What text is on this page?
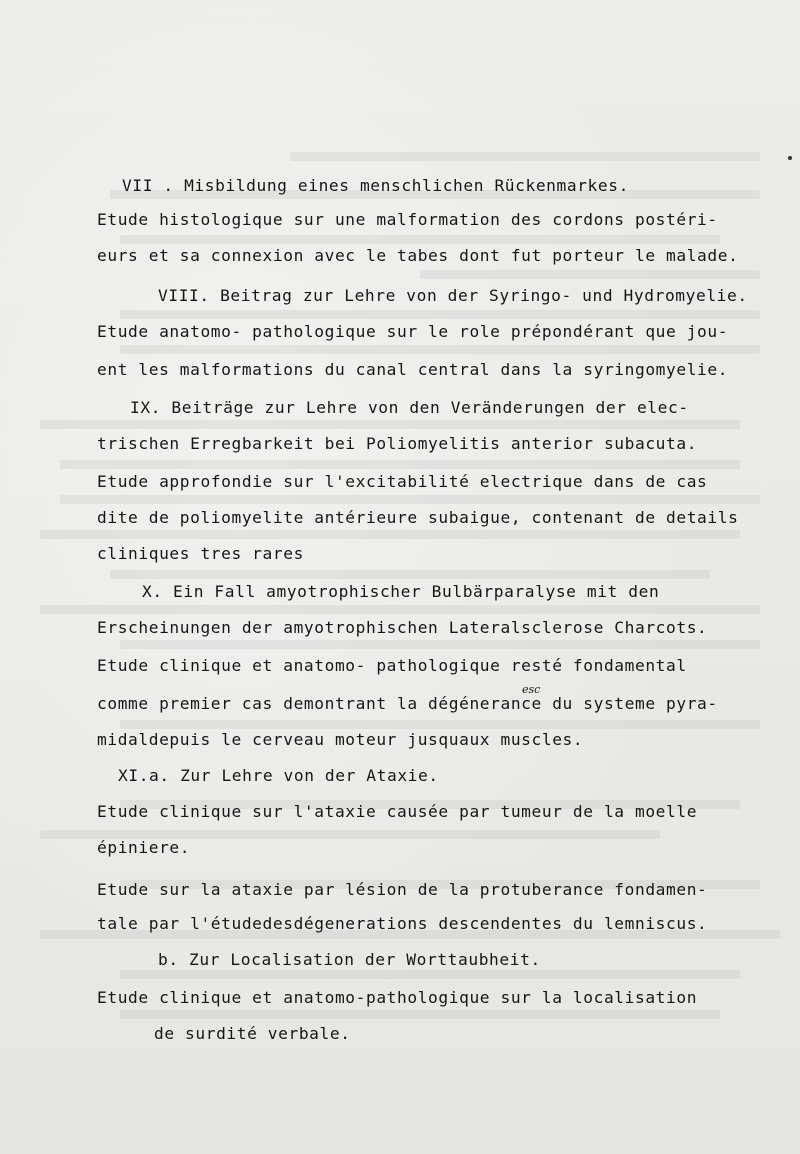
VII . Misbildung eines menschlichen Rückenmarkes.
Etude histologique sur une malformation des cordons postéri-
eurs et sa connexion avec le tabes dont fut porteur le malade.
VIII. Beitrag zur Lehre von der Syringo- und Hydromyelie.
Etude anatomo- pathologique sur le role prépondérant que jou-
ent les malformations du canal central dans la syringomyelie.
IX. Beiträge zur Lehre von den Veränderungen der elec-
trischen Erregbarkeit bei Poliomyelitis anterior subacuta.
Etude approfondie sur l'excitabilité electrique dans de cas
dite de poliomyelite antérieure subaigue, contenant de details
cliniques tres rares
X. Ein Fall amyotrophischer Bulbärparalyse mit den
Erscheinungen der amyotrophischen Lateralsclerose Charcots.
Etude clinique et anatomo- pathologique resté fondamental
comme premier cas demontrant la dégénerance du systeme pyra-
esc
midaldepuis le cerveau moteur jusquaux muscles.
XI.a. Zur Lehre von der Ataxie.
Etude clinique sur l'ataxie causée par tumeur de la moelle
épiniere.
Etude sur la ataxie par lésion de la protuberance fondamen-
tale par l'étudedesdégenerations descendentes du lemniscus.
b. Zur Localisation der Worttaubheit.
Etude clinique et anatomo-pathologique sur la localisation
de surdité verbale.
